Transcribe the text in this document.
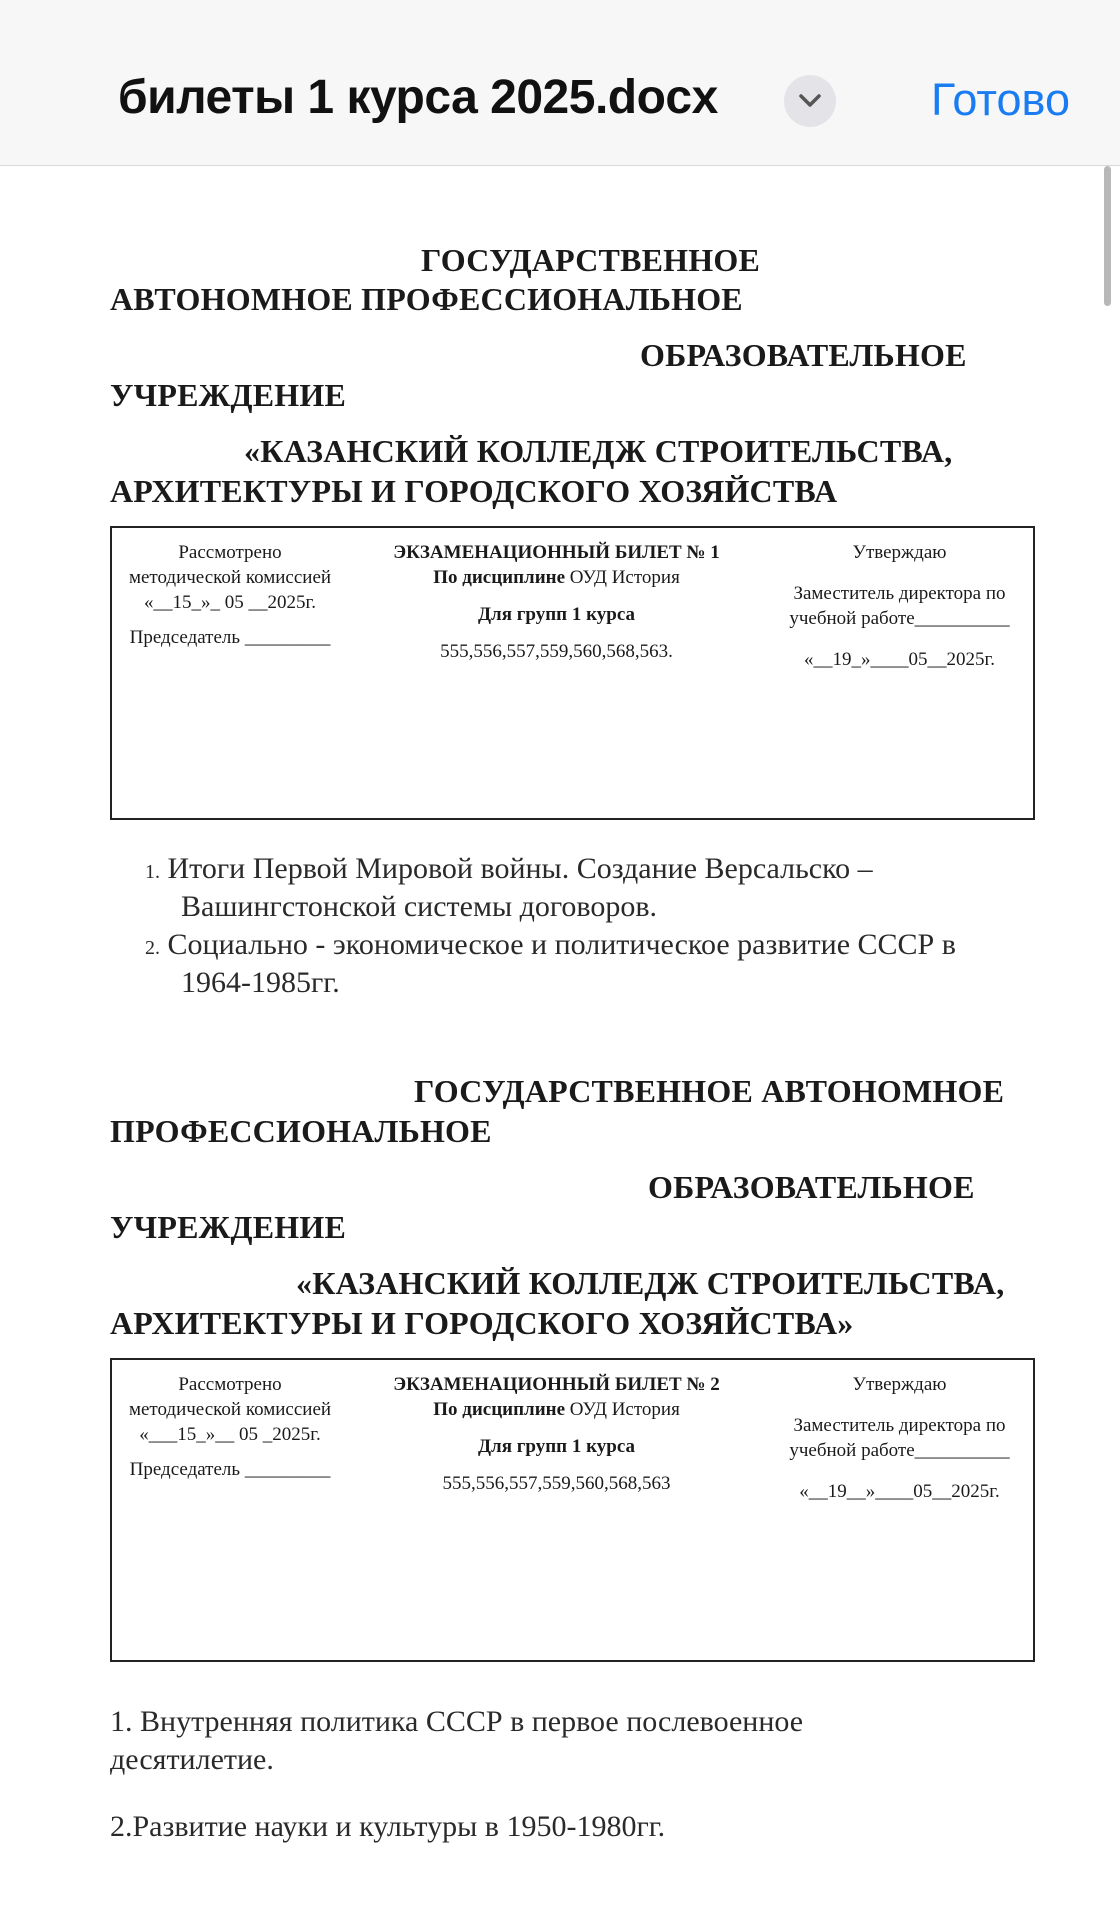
билеты 1 курса 2025.docx	Готово
ГОСУДАРСТВЕННОЕ
АВТОНОМНОЕ ПРОФЕССИОНАЛЬНОЕ
ОБРАЗОВАТЕЛЬНОЕ
УЧРЕЖДЕНИЕ
«КАЗАНСКИЙ КОЛЛЕДЖ СТРОИТЕЛЬСТВА,
АРХИТЕКТУРЫ И ГОРОДСКОГО ХОЗЯЙСТВА
Рассмотрено
методической комиссией
«__15_»_ 05 __2025г.
Председатель _________
ЭКЗАМЕНАЦИОННЫЙ БИЛЕТ № 1
По дисциплине ОУД История
Для групп 1 курса
555,556,557,559,560,568,563.
Утверждаю
Заместитель директора по
учебной работе__________
«__19_»____05__2025г.
1. Итоги Первой Мировой войны. Создание Версальско –
Вашингстонской системы договоров.
2. Социально - экономическое и политическое развитие СССР в
1964-1985гг.
ГОСУДАРСТВЕННОЕ АВТОНОМНОЕ
ПРОФЕССИОНАЛЬНОЕ
ОБРАЗОВАТЕЛЬНОЕ
УЧРЕЖДЕНИЕ
«КАЗАНСКИЙ КОЛЛЕДЖ СТРОИТЕЛЬСТВА,
АРХИТЕКТУРЫ И ГОРОДСКОГО ХОЗЯЙСТВА»
Рассмотрено
методической комиссией
«___15_»__ 05 _2025г.
Председатель _________
ЭКЗАМЕНАЦИОННЫЙ БИЛЕТ № 2
По дисциплине ОУД История
Для групп 1 курса
555,556,557,559,560,568,563
Утверждаю
Заместитель директора по
учебной работе__________
«__19__»____05__2025г.
1. Внутренняя политика СССР в первое послевоенное
десятилетие.
2.Развитие науки и культуры в 1950-1980гг.
